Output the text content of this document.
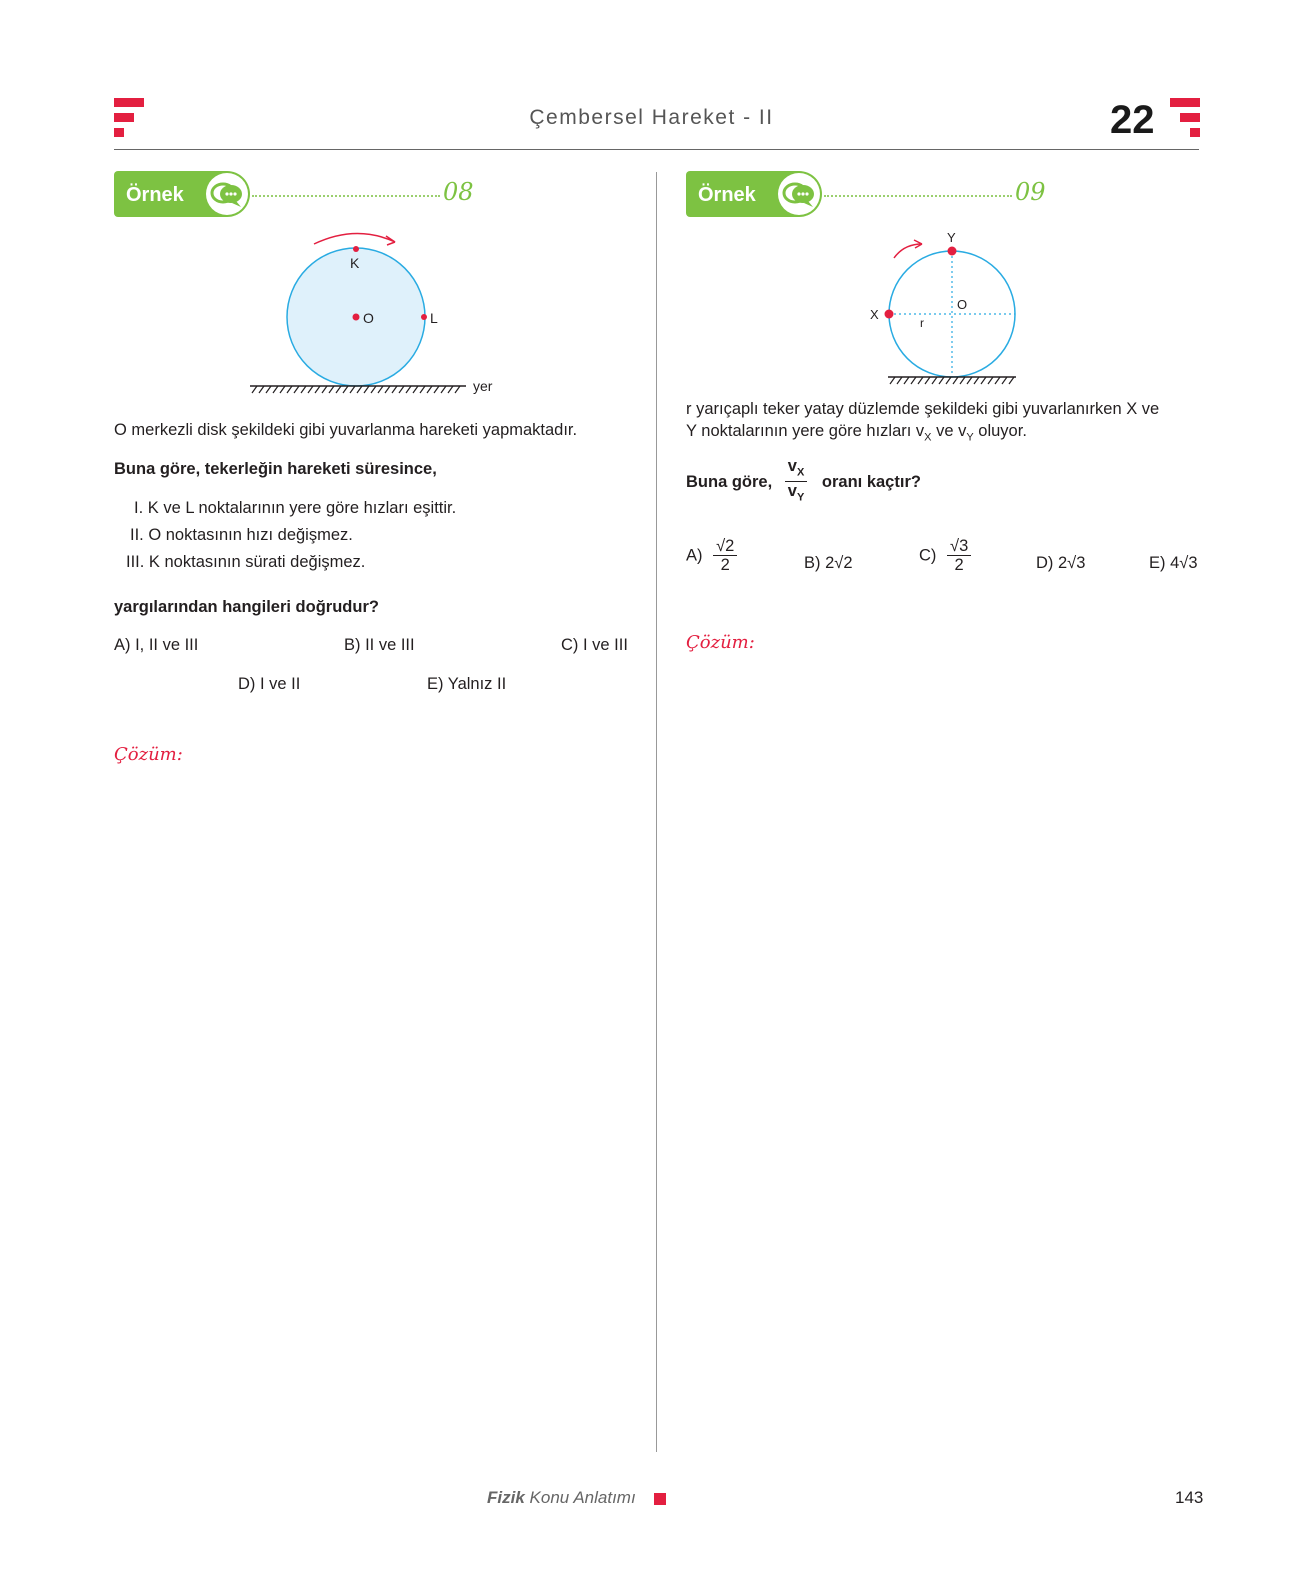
Çembersel Hareket - II	22
Örnek	08
K
O	L
yer
O merkezli disk şekildeki gibi yuvarlanma hareketi yapmaktadır.
Buna göre, tekerleğin hareketi süresince,
I. K ve L noktalarının yere göre hızları eşittir.
II. O noktasının hızı değişmez.
III. K noktasının sürati değişmez.
yargılarından hangileri doğrudur?
A) I, II ve III	B) II ve III	C) I ve III
D) I ve II	E) Yalnız II
Çözüm:
Örnek	09
Y
O
X
r
r yarıçaplı teker yatay düzlemde şekildeki gibi yuvarlanırken X ve
Y noktalarının yere göre hızları $v_X$ ve $v_Y$ oluyor.
Buna göre, $\frac{v_X}{v_Y}$ oranı kaçtır?
$A) \frac{√2}{2}$	B) 2√2	$C) \frac{√3}{2}$	D) 2√3	E) 4√3
Çözüm:
Fizik Konu Anlatımı	143
